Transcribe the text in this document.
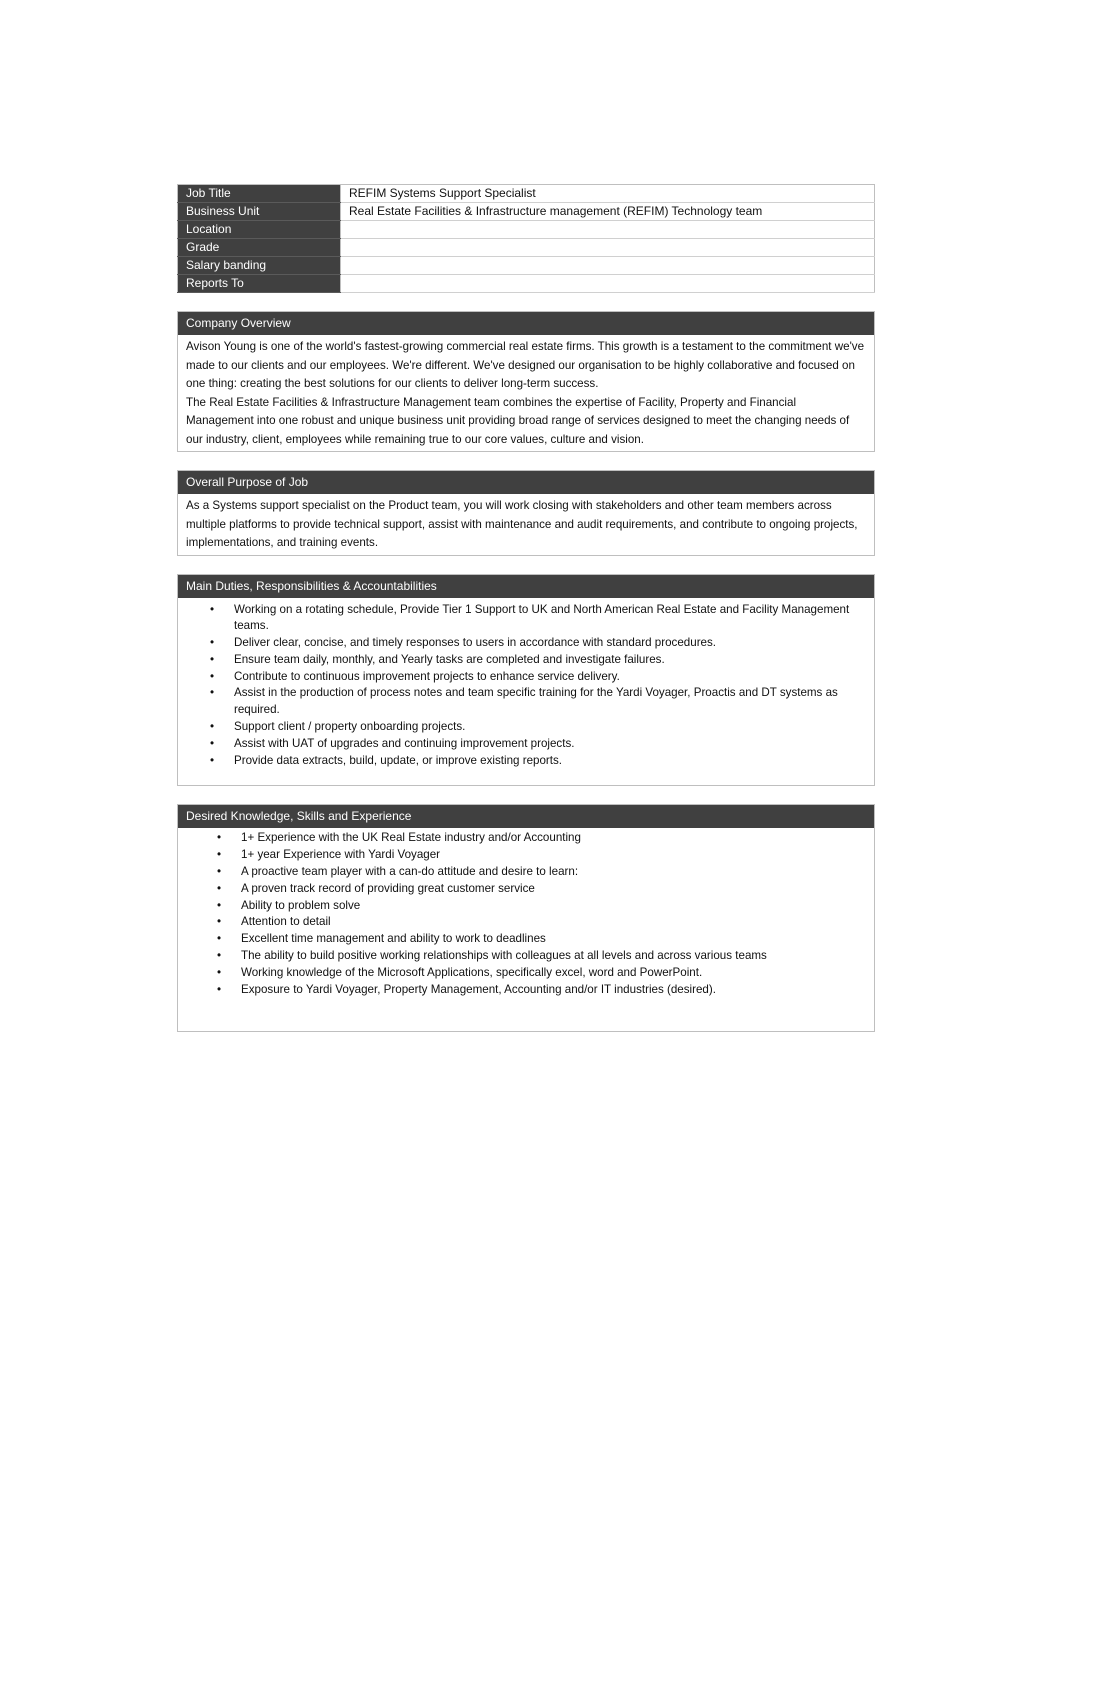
Job Title	REFIM Systems Support Specialist
Business Unit	Real Estate Facilities & Infrastructure management (REFIM) Technology team
Location	
Grade	
Salary banding	
Reports To	
Company Overview

Avison Young is one of the world's fastest-growing commercial real estate firms. This growth is a testament to the commitment we've made to our clients and our employees. We're different. We've designed our organisation to be highly collaborative and focused on one thing: creating the best solutions for our clients to deliver long-term success.

The Real Estate Facilities & Infrastructure Management team combines the expertise of Facility, Property and Financial Management into one robust and unique business unit providing broad range of services designed to meet the changing needs of our industry, client, employees while remaining true to our core values, culture and vision.

Overall Purpose of Job

As a Systems support specialist on the Product team, you will work closing with stakeholders and other team members across multiple platforms to provide technical support, assist with maintenance and audit requirements, and contribute to ongoing projects, implementations, and training events.

Main Duties, Responsibilities & Accountabilities
• Working on a rotating schedule, Provide Tier 1 Support to UK and North American Real Estate and Facility Management teams.
• Deliver clear, concise, and timely responses to users in accordance with standard procedures.
• Ensure team daily, monthly, and Yearly tasks are completed and investigate failures.
• Contribute to continuous improvement projects to enhance service delivery.
• Assist in the production of process notes and team specific training for the Yardi Voyager, Proactis and DT systems as required.
• Support client / property onboarding projects.
• Assist with UAT of upgrades and continuing improvement projects.
• Provide data extracts, build, update, or improve existing reports.
Desired Knowledge, Skills and Experience
• 1+ Experience with the UK Real Estate industry and/or Accounting
• 1+ year Experience with Yardi Voyager
• A proactive team player with a can-do attitude and desire to learn:
• A proven track record of providing great customer service
• Ability to problem solve
• Attention to detail
• Excellent time management and ability to work to deadlines
• The ability to build positive working relationships with colleagues at all levels and across various teams
• Working knowledge of the Microsoft Applications, specifically excel, word and PowerPoint.
• Exposure to Yardi Voyager, Property Management, Accounting and/or IT industries (desired).
